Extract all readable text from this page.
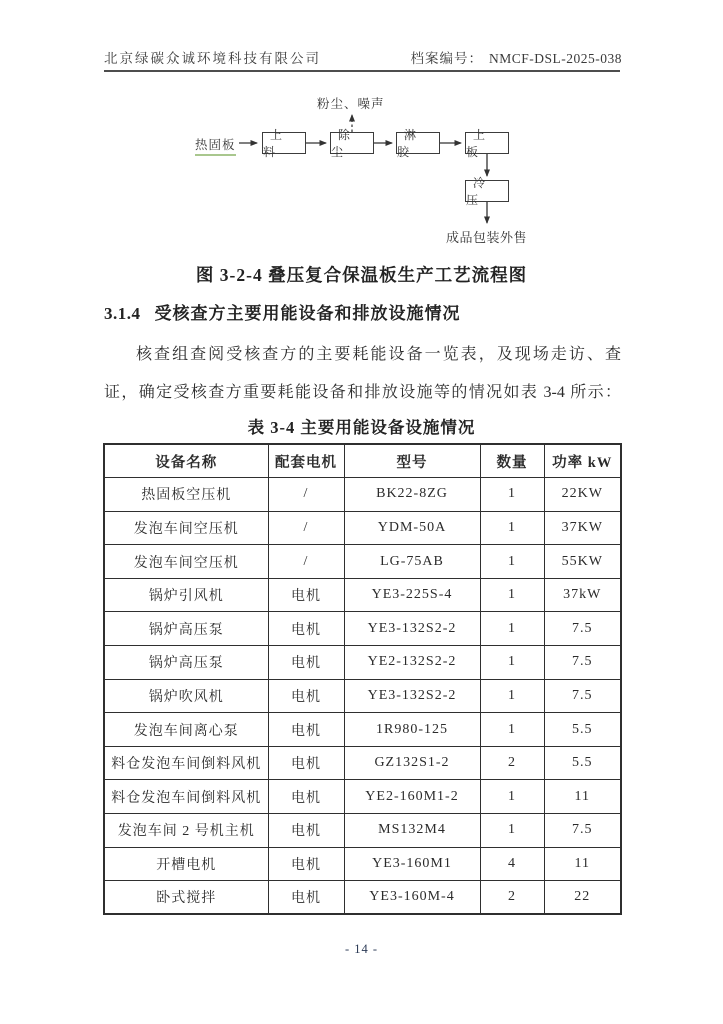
北京绿碳众诚环境科技有限公司	档案编号： NMCF-DSL-2025-038
粉尘、噪声
热固板
上料
除尘
淋胶
上板
冷压
成品包装外售
图 3-2-4 叠压复合保温板生产工艺流程图
3.1.4 受核查方主要用能设备和排放设施情况
核查组查阅受核查方的主要耗能设备一览表，及现场走访、查
证，确定受核查方重要耗能设备和排放设施等的情况如表 3-4 所示：
表 3-4 主要用能设备设施情况
设备名称	配套电机	型号	数量	功率 kW
热固板空压机	/	BK22-8ZG	1	22KW
发泡车间空压机	/	YDM-50A	1	37KW
发泡车间空压机	/	LG-75AB	1	55KW
锅炉引风机	电机	YE3-225S-4	1	37kW
锅炉高压泵	电机	YE3-132S2-2	1	7.5
锅炉高压泵	电机	YE2-132S2-2	1	7.5
锅炉吹风机	电机	YE3-132S2-2	1	7.5
发泡车间离心泵	电机	1R980-125	1	5.5
料仓发泡车间倒料风机	电机	GZ132S1-2	2	5.5
料仓发泡车间倒料风机	电机	YE2-160M1-2	1	11
发泡车间 2 号机主机	电机	MS132M4	1	7.5
开槽电机	电机	YE3-160M1	4	11
卧式搅拌	电机	YE3-160M-4	2	22
- 14 -
